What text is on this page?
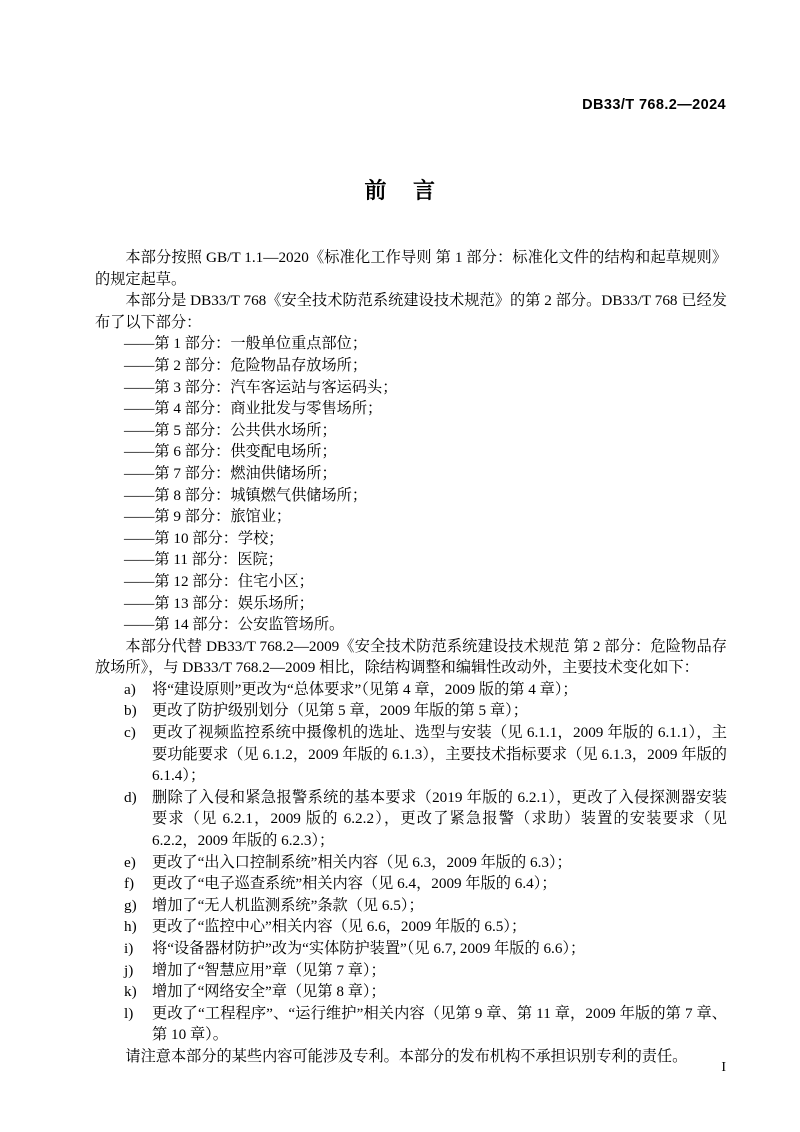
DB33/T 768.2—2024
前 言

本部分按照 GB/T 1.1—2020《标准化工作导则 第 1 部分：标准化文件的结构和起草规则》的规定起草。

本部分是 DB33/T 768《安全技术防范系统建设技术规范》的第 2 部分。DB33/T 768 已经发布了以下部分：

——第 1 部分：一般单位重点部位；
——第 2 部分：危险物品存放场所；
——第 3 部分：汽车客运站与客运码头；
——第 4 部分：商业批发与零售场所；
——第 5 部分：公共供水场所；
——第 6 部分：供变配电场所；
——第 7 部分：燃油供储场所；
——第 8 部分：城镇燃气供储场所；
——第 9 部分：旅馆业；
——第 10 部分：学校；
——第 11 部分：医院；
——第 12 部分：住宅小区；
——第 13 部分：娱乐场所；
——第 14 部分：公安监管场所。

本部分代替 DB33/T 768.2—2009《安全技术防范系统建设技术规范 第 2 部分：危险物品存放场所》，与 DB33/T 768.2—2009 相比，除结构调整和编辑性改动外，主要技术变化如下：

a)	将“建设原则”更改为“总体要求”（见第 4 章，2009 版的第 4 章）；
b)	更改了防护级别划分（见第 5 章，2009 年版的第 5 章）；
c)	更改了视频监控系统中摄像机的选址、选型与安装（见 6.1.1，2009 年版的 6.1.1），主要功能要求（见 6.1.2，2009 年版的 6.1.3），主要技术指标要求（见 6.1.3，2009 年版的 6.1.4）；
d)	删除了入侵和紧急报警系统的基本要求（2019 年版的 6.2.1），更改了入侵探测器安装要求（见 6.2.1，2009 版的 6.2.2），更改了紧急报警（求助）装置的安装要求（见 6.2.2，2009 年版的 6.2.3）；
e)	更改了“出入口控制系统”相关内容（见 6.3，2009 年版的 6.3）；
f)	更改了“电子巡查系统”相关内容（见 6.4，2009 年版的 6.4）；
g)	增加了“无人机监测系统”条款（见 6.5）；
h)	更改了“监控中心”相关内容（见 6.6，2009 年版的 6.5）；
i)	将“设备器材防护”改为“实体防护装置”（见 6.7, 2009 年版的 6.6）；
j)	增加了“智慧应用”章（见第 7 章）；
k)	增加了“网络安全”章（见第 8 章）；
l)	更改了“工程程序”、“运行维护”相关内容（见第 9 章、第 11 章，2009 年版的第 7 章、第 10 章）。

请注意本部分的某些内容可能涉及专利。本部分的发布机构不承担识别专利的责任。

I
